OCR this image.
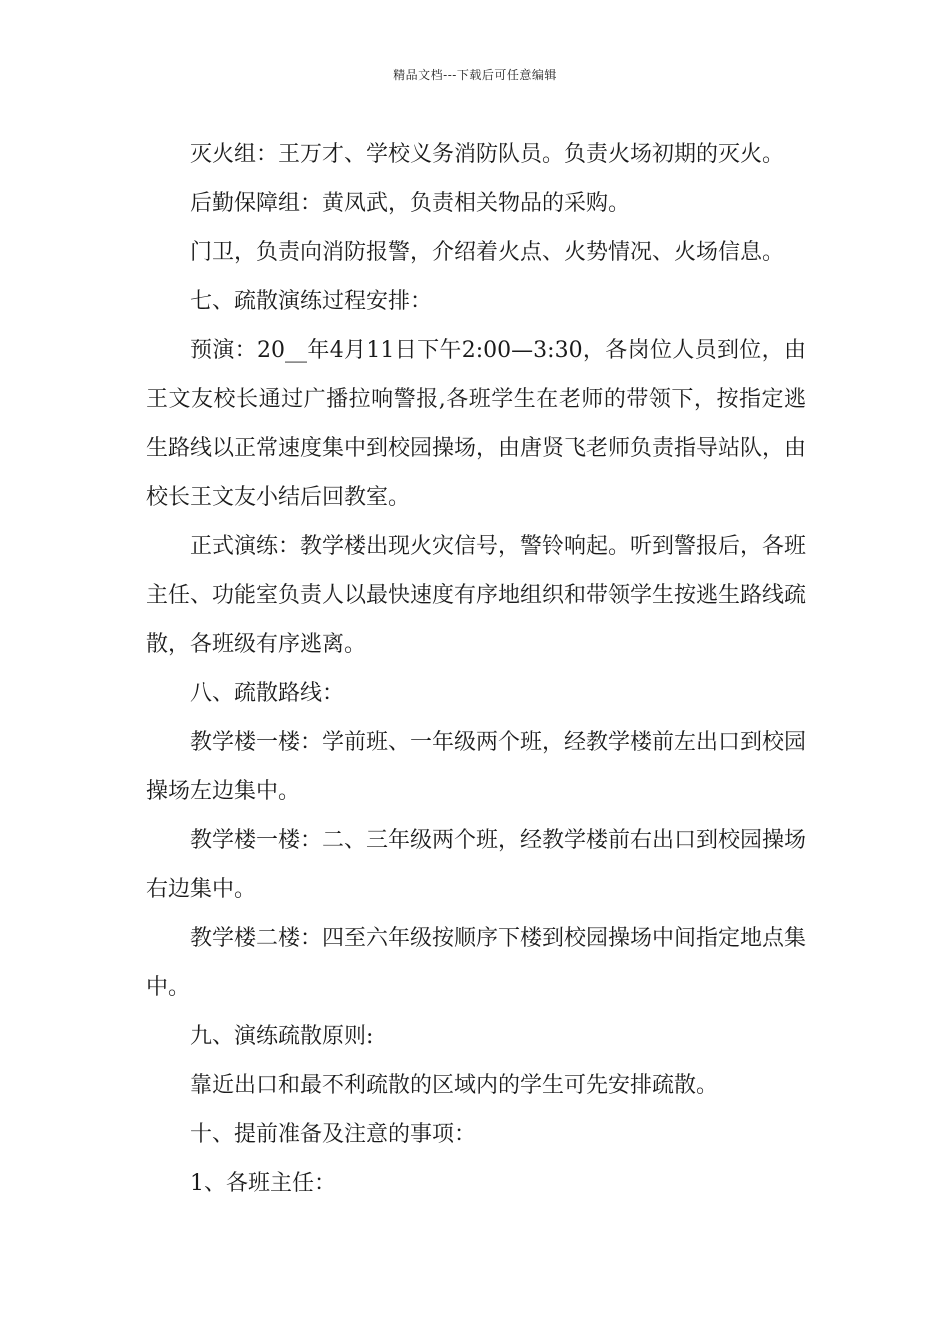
精品文档---下载后可任意编辑

灭火组：王万才、学校义务消防队员。负责火场初期的灭火。

后勤保障组：黄凤武，负责相关物品的采购。

门卫，负责向消防报警，介绍着火点、火势情况、火场信息。

七、疏散演练过程安排：

预演：20__年4月11日下午2:00—3:30，各岗位人员到位，由王文友校长通过广播拉响警报,各班学生在老师的带领下，按指定逃生路线以正常速度集中到校园操场，由唐贤飞老师负责指导站队，由校长王文友小结后回教室。

正式演练：教学楼出现火灾信号，警铃响起。听到警报后，各班主任、功能室负责人以最快速度有序地组织和带领学生按逃生路线疏散，各班级有序逃离。

八、疏散路线：

教学楼一楼：学前班、一年级两个班，经教学楼前左出口到校园操场左边集中。

教学楼一楼：二、三年级两个班，经教学楼前右出口到校园操场右边集中。

教学楼二楼：四至六年级按顺序下楼到校园操场中间指定地点集中。

九、演练疏散原则:

靠近出口和最不利疏散的区域内的学生可先安排疏散。

十、提前准备及注意的事项：

1、各班主任：
